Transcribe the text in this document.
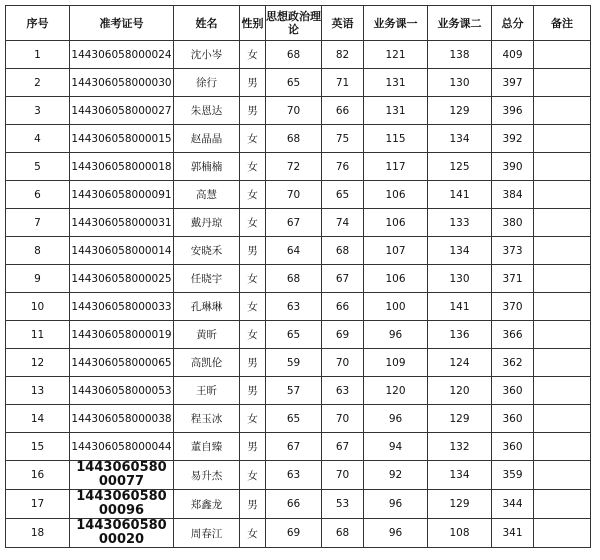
序号	准考证号	姓名	性别	思想政治理论	英语	业务课一	业务课二	总分	备注
1	144306058000024	沈小岑	女	68	82	121	138	409	
2	144306058000030	徐行	男	65	71	131	130	397	
3	144306058000027	朱恩达	男	70	66	131	129	396	
4	144306058000015	赵晶晶	女	68	75	115	134	392	
5	144306058000018	郭楠楠	女	72	76	117	125	390	
6	144306058000091	高慧	女	70	65	106	141	384	
7	144306058000031	戴丹琼	女	67	74	106	133	380	
8	144306058000014	安晓禾	男	64	68	107	134	373	
9	144306058000025	任晓宇	女	68	67	106	130	371	
10	144306058000033	孔琳琳	女	63	66	100	141	370	
11	144306058000019	黄昕	女	65	69	96	136	366	
12	144306058000065	高凯伦	男	59	70	109	124	362	
13	144306058000053	王昕	男	57	63	120	120	360	
14	144306058000038	程玉冰	女	65	70	96	129	360	
15	144306058000044	董自臻	男	67	67	94	132	360	
16	144306058000077	易升杰	女	63	70	92	134	359	
17	144306058000096	郑鑫龙	男	66	53	96	129	344	
18	144306058000020	周春江	女	69	68	96	108	341	
